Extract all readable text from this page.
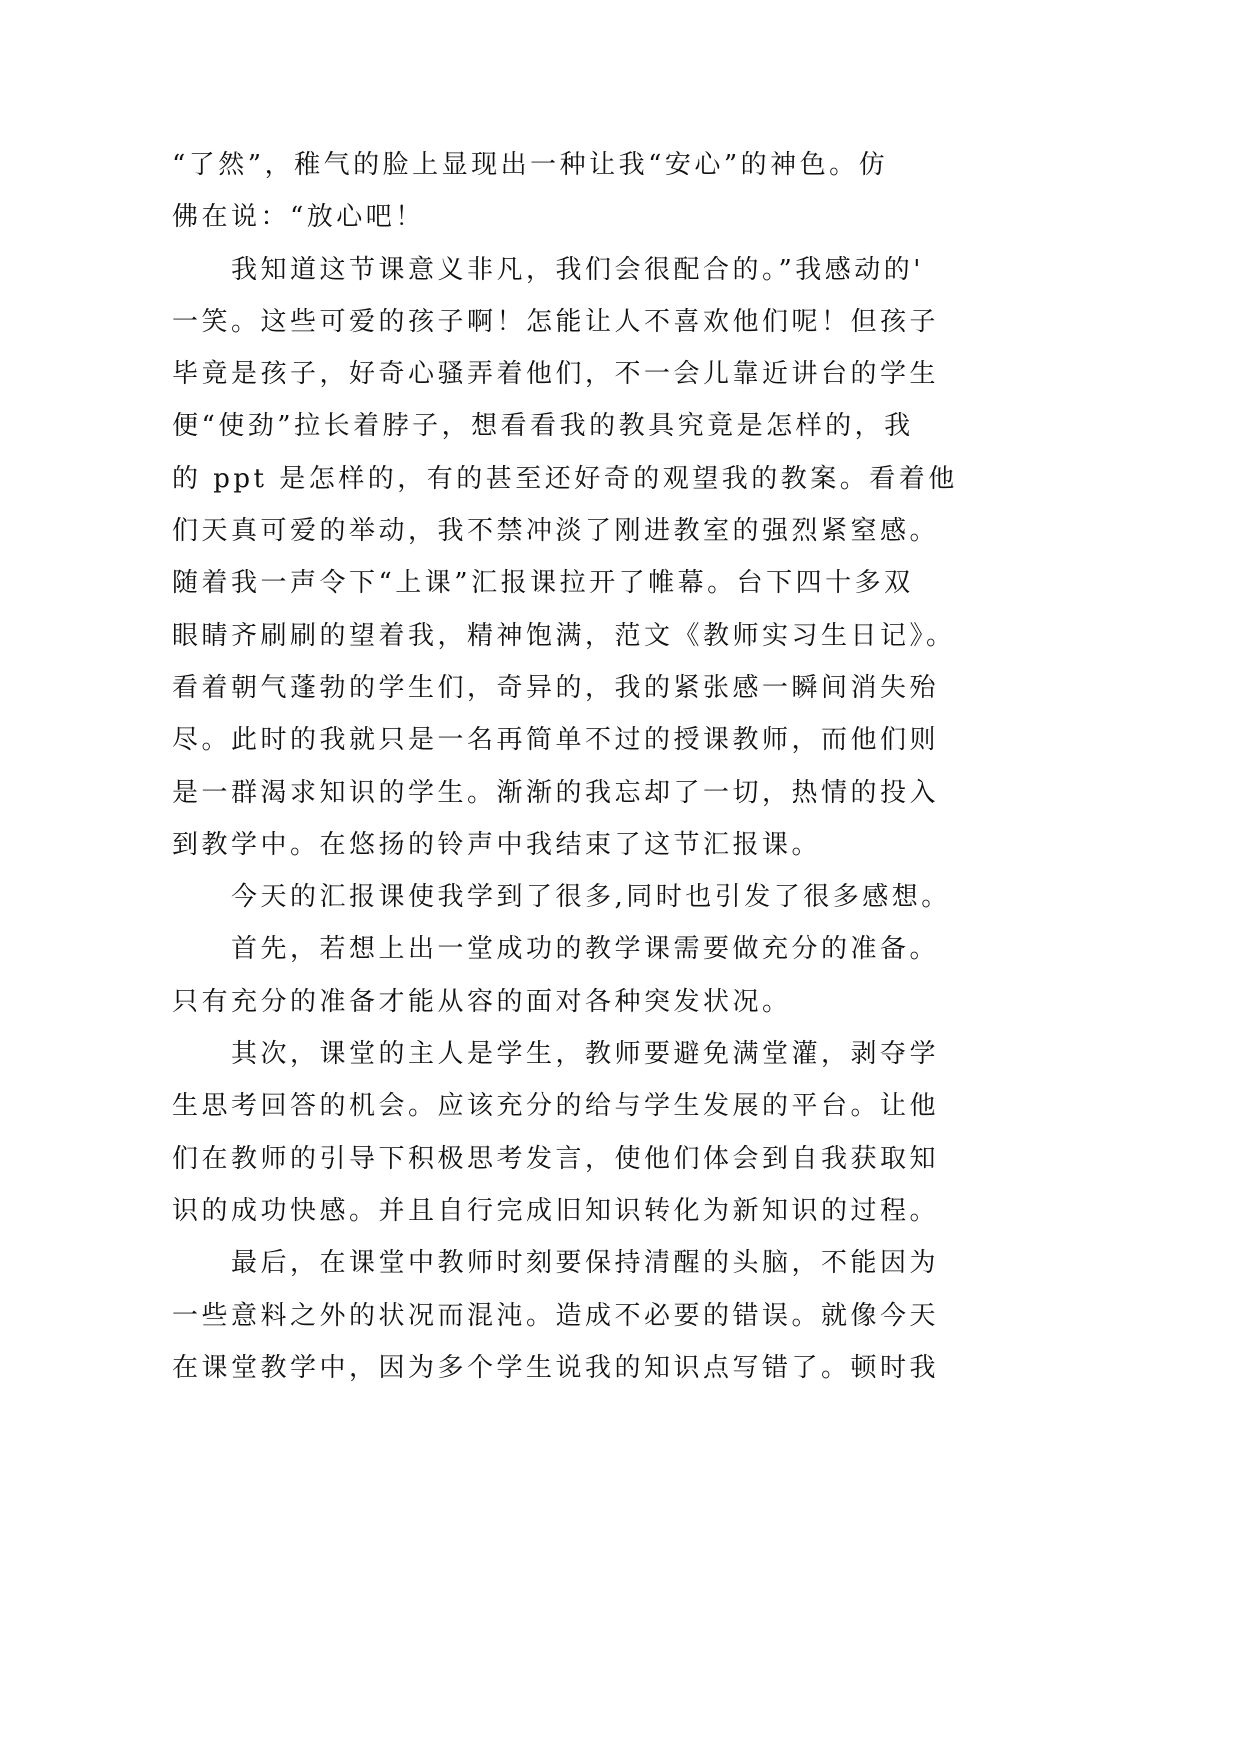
“了然”，稚气的脸上显现出一种让我“安心”的神色。仿

佛在说：“放心吧！

我知道这节课意义非凡，我们会很配合的。”我感动的'

一笑。这些可爱的孩子啊！怎能让人不喜欢他们呢！但孩子

毕竟是孩子，好奇心骚弄着他们，不一会儿靠近讲台的学生

便“使劲”拉长着脖子，想看看我的教具究竟是怎样的，我

的 ppt 是怎样的，有的甚至还好奇的观望我的教案。看着他

们天真可爱的举动，我不禁冲淡了刚进教室的强烈紧窒感。

随着我一声令下“上课”汇报课拉开了帷幕。台下四十多双

眼睛齐刷刷的望着我，精神饱满，范文《教师实习生日记》。

看着朝气蓬勃的学生们，奇异的，我的紧张感一瞬间消失殆

尽。此时的我就只是一名再简单不过的授课教师，而他们则

是一群渴求知识的学生。渐渐的我忘却了一切，热情的投入

到教学中。在悠扬的铃声中我结束了这节汇报课。

今天的汇报课使我学到了很多,同时也引发了很多感想。

首先，若想上出一堂成功的教学课需要做充分的准备。

只有充分的准备才能从容的面对各种突发状况。

其次，课堂的主人是学生，教师要避免满堂灌，剥夺学

生思考回答的机会。应该充分的给与学生发展的平台。让他

们在教师的引导下积极思考发言，使他们体会到自我获取知

识的成功快感。并且自行完成旧知识转化为新知识的过程。

最后，在课堂中教师时刻要保持清醒的头脑，不能因为

一些意料之外的状况而混沌。造成不必要的错误。就像今天

在课堂教学中，因为多个学生说我的知识点写错了。顿时我
